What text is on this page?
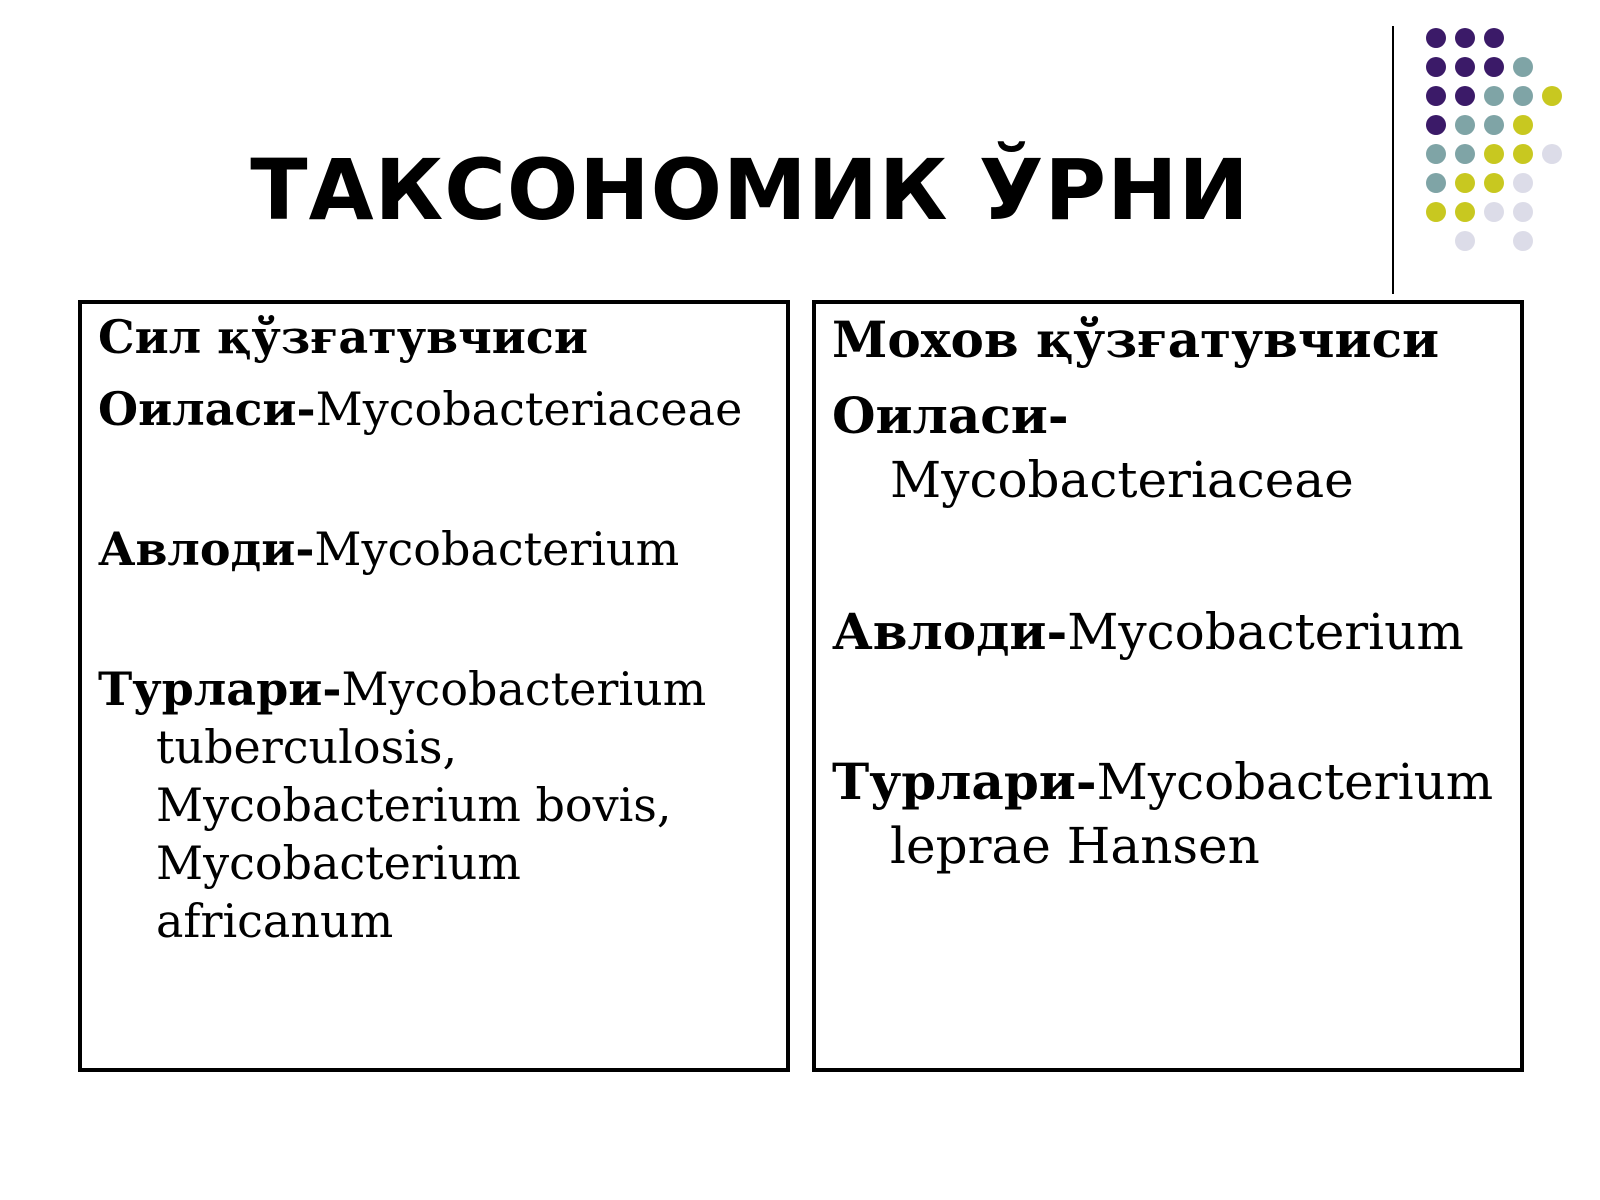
ТАКСОНОМИК ЎРНИ
Сил қўзғатувчиси
Оиласи-Mycobacteriaceae
Авлоди-Mycobacterium
Турлари-Mycobacterium
tuberculosis,
Mycobacterium bovis,
Mycobacterium
africanum
Мохов қўзғатувчиси
Оиласи-
Mycobacteriaceae
Авлоди-Mycobacterium
Турлари-Mycobacterium
leprae Hansen
